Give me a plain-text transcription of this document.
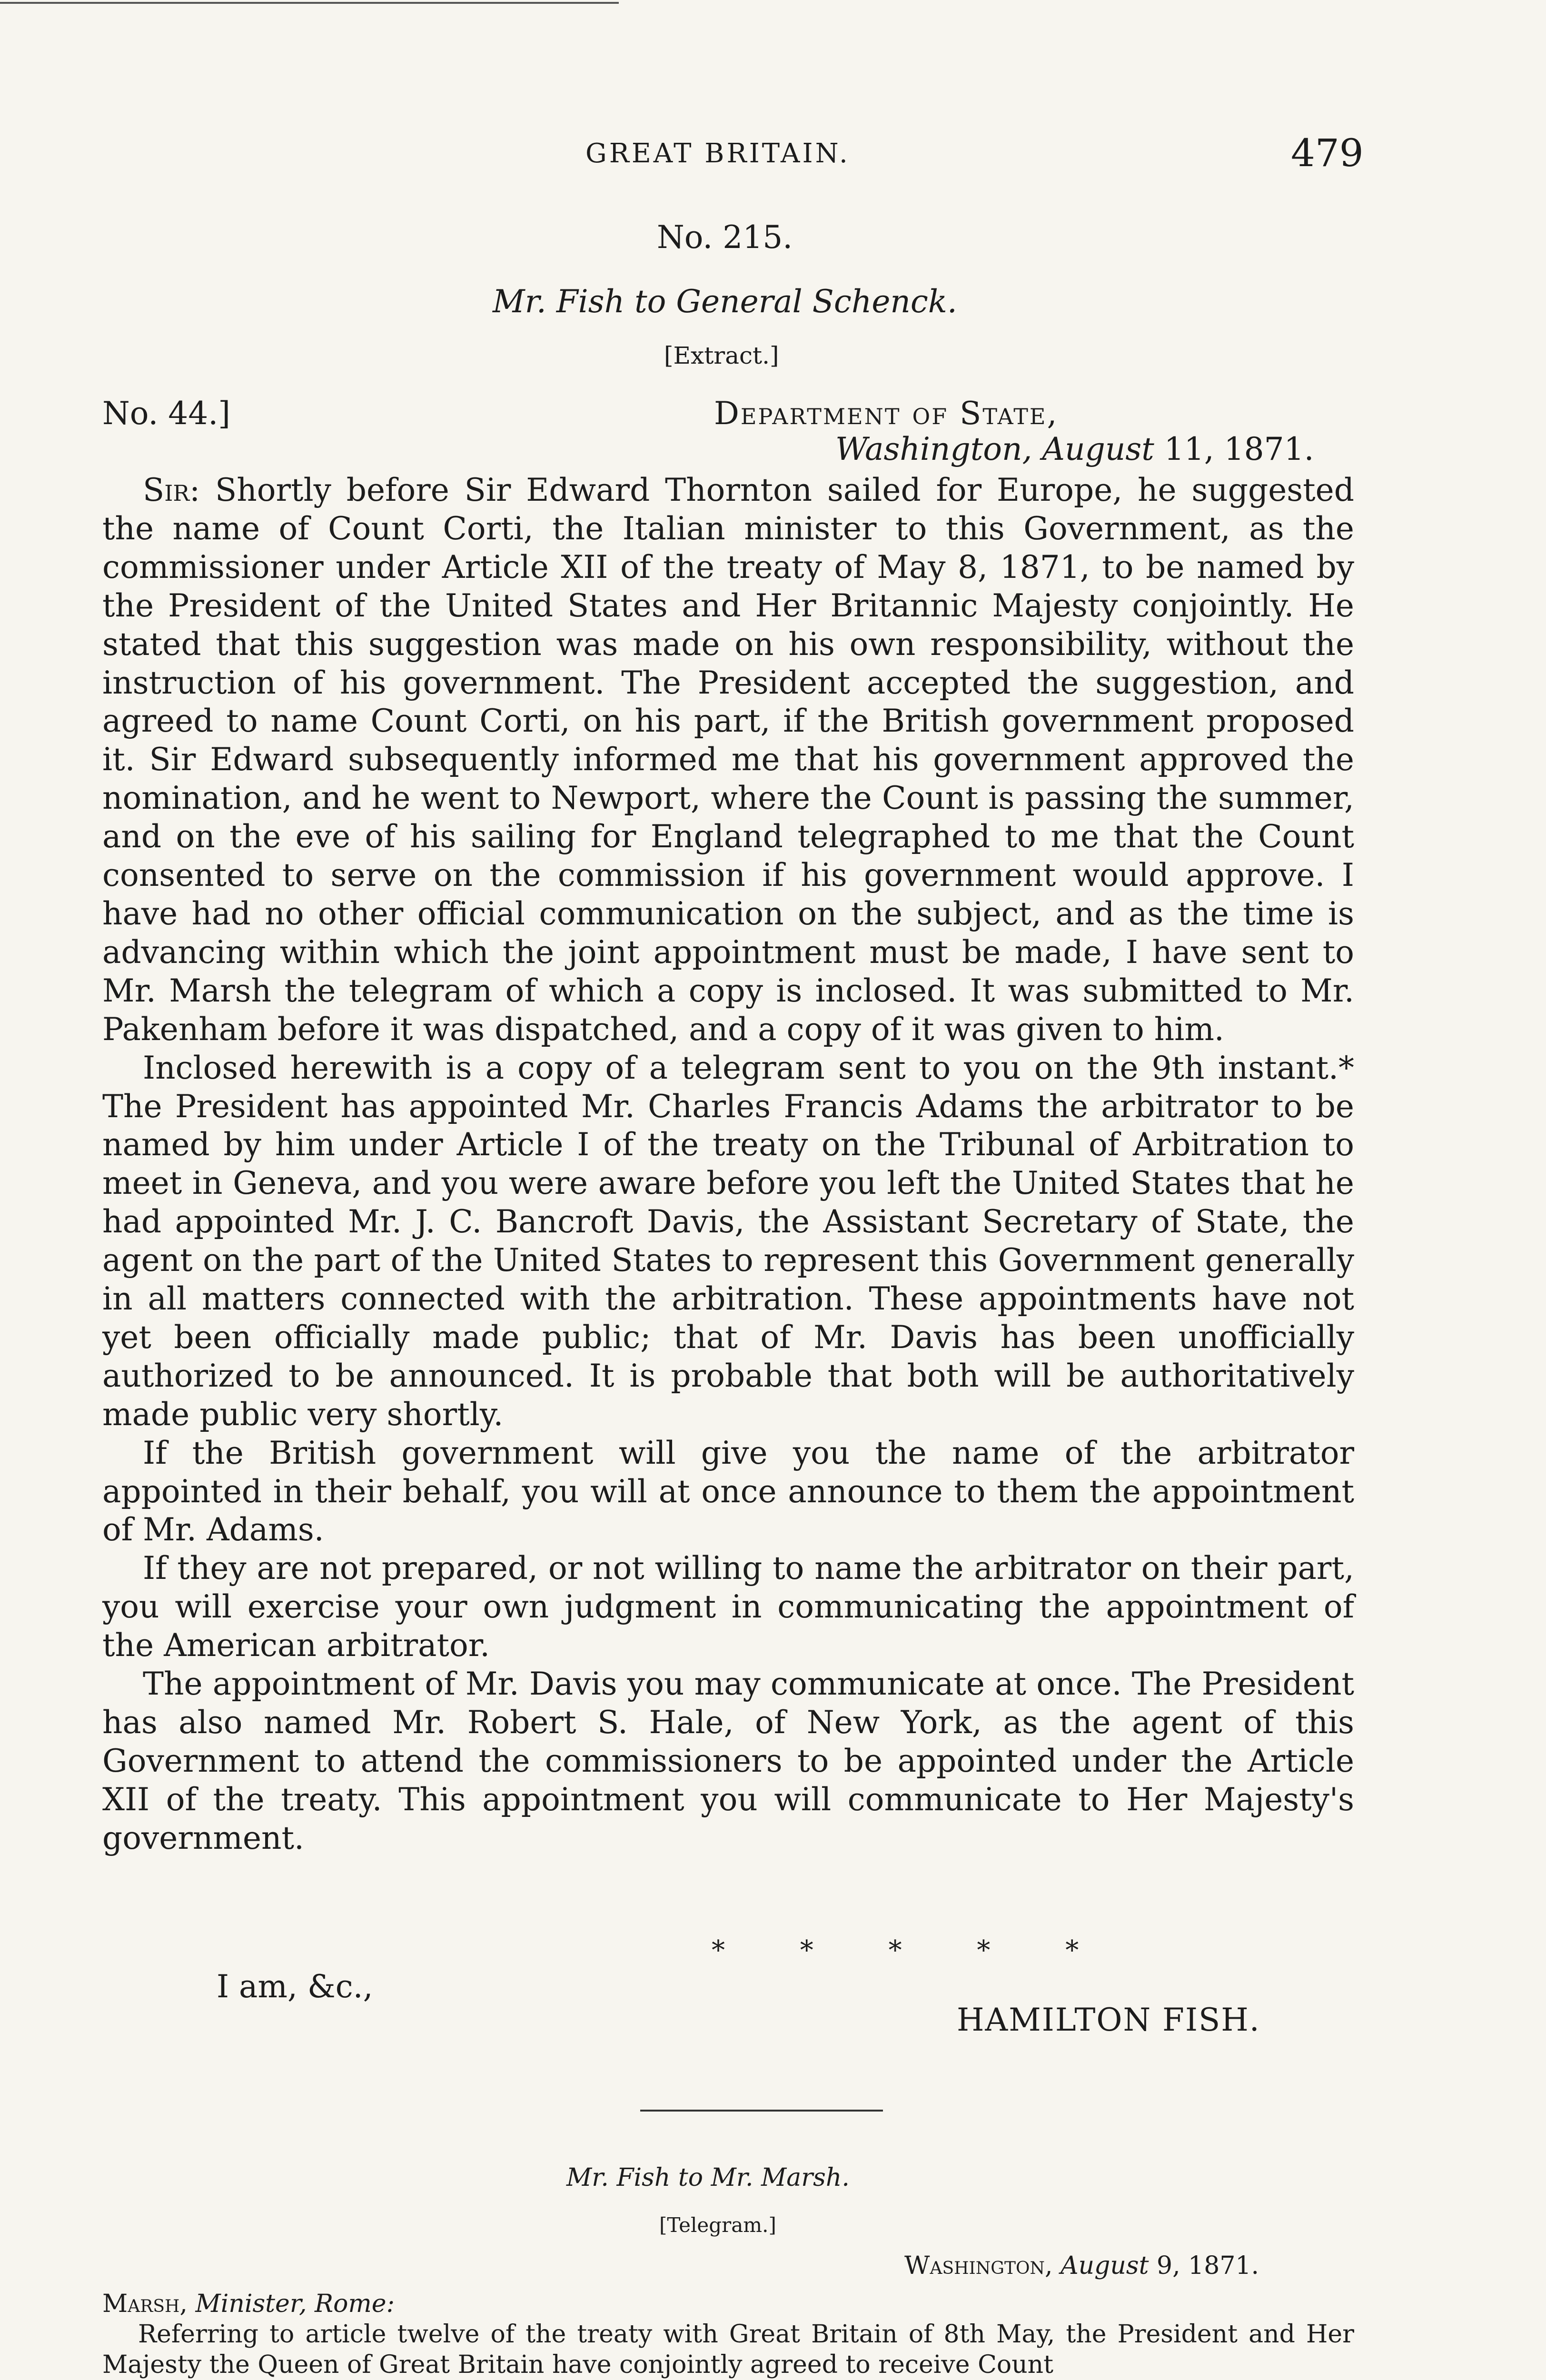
GREAT BRITAIN.	479
No. 215.
Mr. Fish to General Schenck.
[Extract.]
No. 44.]	Department of State,
Washington, August 11, 1871.

Sir: Shortly before Sir Edward Thornton sailed for Europe, he suggested the name of Count Corti, the Italian minister to this Government, as the commissioner under Article XII of the treaty of May 8, 1871, to be named by the President of the United States and Her Britannic Majesty conjointly. He stated that this suggestion was made on his own responsibility, without the instruction of his government. The President accepted the suggestion, and agreed to name Count Corti, on his part, if the British government proposed it. Sir Edward subsequently informed me that his government approved the nomination, and he went to Newport, where the Count is passing the summer, and on the eve of his sailing for England telegraphed to me that the Count consented to serve on the commission if his government would approve. I have had no other official communication on the subject, and as the time is advancing within which the joint appointment must be made, I have sent to Mr. Marsh the telegram of which a copy is inclosed. It was submitted to Mr. Pakenham before it was dispatched, and a copy of it was given to him.

Inclosed herewith is a copy of a telegram sent to you on the 9th instant.* The President has appointed Mr. Charles Francis Adams the arbitrator to be named by him under Article I of the treaty on the Tribunal of Arbitration to meet in Geneva, and you were aware before you left the United States that he had appointed Mr. J. C. Bancroft Davis, the Assistant Secretary of State, the agent on the part of the United States to represent this Government generally in all matters connected with the arbitration. These appointments have not yet been officially made public; that of Mr. Davis has been unofficially authorized to be announced. It is probable that both will be authoritatively made public very shortly.

If the British government will give you the name of the arbitrator appointed in their behalf, you will at once announce to them the appointment of Mr. Adams.

If they are not prepared, or not willing to name the arbitrator on their part, you will exercise your own judgment in communicating the appointment of the American arbitrator.

The appointment of Mr. Davis you may communicate at once. The President has also named Mr. Robert S. Hale, of New York, as the agent of this Government to attend the commissioners to be appointed under the Article XII of the treaty. This appointment you will communicate to Her Majesty's government.

* * * * *
I am, &c.,
HAMILTON FISH.
Mr. Fish to Mr. Marsh.
[Telegram.]
Washington, August 9, 1871.
Marsh, Minister, Rome:

Referring to article twelve of the treaty with Great Britain of 8th May, the President and Her Majesty the Queen of Great Britain have conjointly agreed to receive Count
